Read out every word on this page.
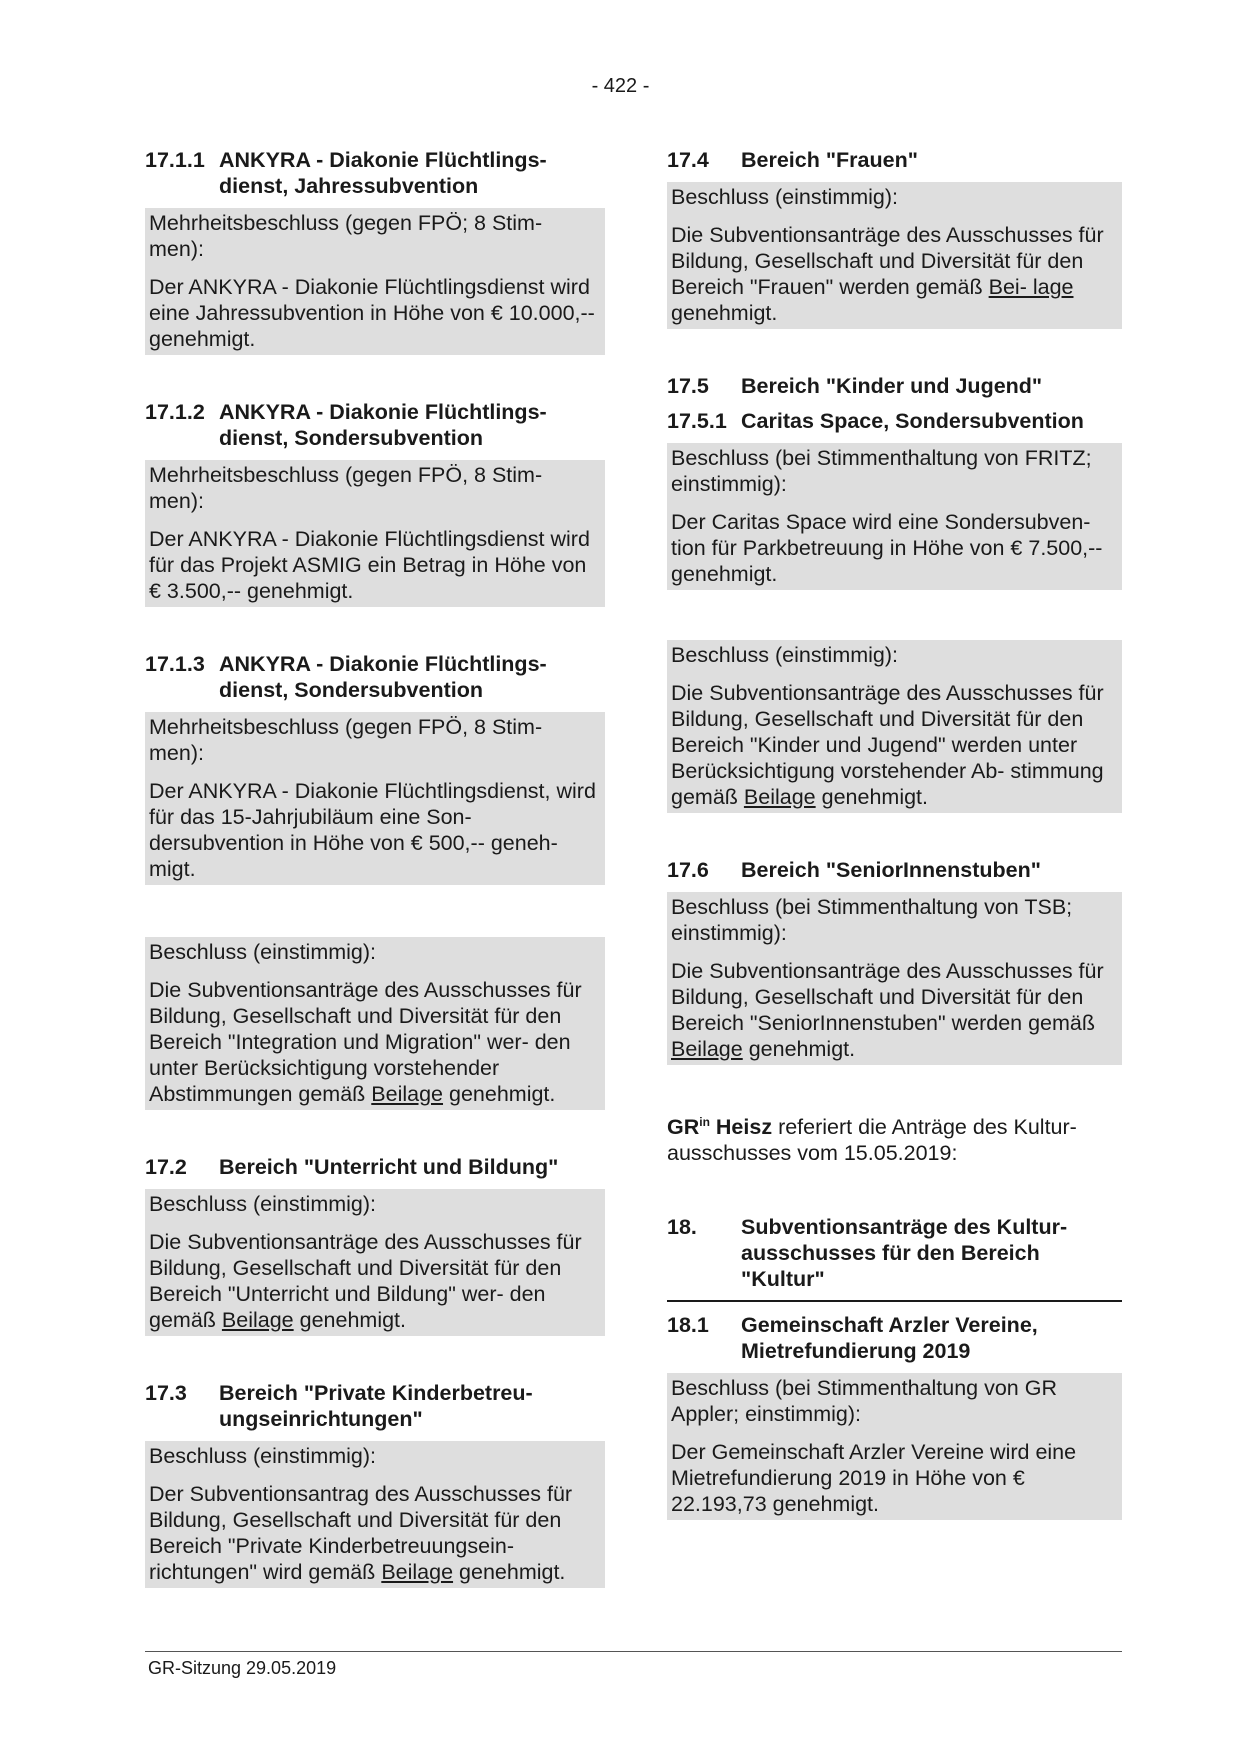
- 422 -
17.1.1 ANKYRA - Diakonie Flüchtlings- dienst, Jahressubvention

Mehrheitsbeschluss (gegen FPÖ; 8 Stim- men):

Der ANKYRA - Diakonie Flüchtlingsdienst wird eine Jahressubvention in Höhe von € 10.000,-- genehmigt.

17.1.2 ANKYRA - Diakonie Flüchtlings- dienst, Sondersubvention

Mehrheitsbeschluss (gegen FPÖ, 8 Stim- men):

Der ANKYRA - Diakonie Flüchtlingsdienst wird für das Projekt ASMIG ein Betrag in Höhe von € 3.500,-- genehmigt.

17.1.3 ANKYRA - Diakonie Flüchtlings- dienst, Sondersubvention

Mehrheitsbeschluss (gegen FPÖ, 8 Stim- men):

Der ANKYRA - Diakonie Flüchtlingsdienst, wird für das 15-Jahrjubiläum eine Son- dersubvention in Höhe von € 500,-- geneh- migt.

Beschluss (einstimmig):

Die Subventionsanträge des Ausschusses für Bildung, Gesellschaft und Diversität für den Bereich "Integration und Migration" wer- den unter Berücksichtigung vorstehender Abstimmungen gemäß Beilage genehmigt.

17.2	Bereich "Unterricht und Bildung"

Beschluss (einstimmig):

Die Subventionsanträge des Ausschusses für Bildung, Gesellschaft und Diversität für den Bereich "Unterricht und Bildung" wer- den gemäß Beilage genehmigt.

17.3	Bereich "Private Kinderbetreu- ungseinrichtungen"

Beschluss (einstimmig):

Der Subventionsantrag des Ausschusses für Bildung, Gesellschaft und Diversität für den Bereich "Private Kinderbetreuungsein- richtungen" wird gemäß Beilage genehmigt.

17.4	Bereich "Frauen"

Beschluss (einstimmig):

Die Subventionsanträge des Ausschusses für Bildung, Gesellschaft und Diversität für den Bereich "Frauen" werden gemäß Bei- lage genehmigt.

17.5	Bereich "Kinder und Jugend"
17.5.1 Caritas Space, Sondersubvention

Beschluss (bei Stimmenthaltung von FRITZ; einstimmig):

Der Caritas Space wird eine Sondersubven- tion für Parkbetreuung in Höhe von € 7.500,-- genehmigt.

Beschluss (einstimmig):

Die Subventionsanträge des Ausschusses für Bildung, Gesellschaft und Diversität für den Bereich "Kinder und Jugend" werden unter Berücksichtigung vorstehender Ab- stimmung gemäß Beilage genehmigt.

17.6	Bereich "SeniorInnenstuben"

Beschluss (bei Stimmenthaltung von TSB; einstimmig):

Die Subventionsanträge des Ausschusses für Bildung, Gesellschaft und Diversität für den Bereich "SeniorInnenstuben" werden gemäß Beilage genehmigt.

$GR^{in}$ Heisz referiert die Anträge des Kultur- ausschusses vom 15.05.2019:

18.	Subventionsanträge des Kultur- ausschusses für den Bereich "Kultur"
18.1	Gemeinschaft Arzler Vereine, Mietrefundierung 2019

Beschluss (bei Stimmenthaltung von GR Appler; einstimmig):

Der Gemeinschaft Arzler Vereine wird eine Mietrefundierung 2019 in Höhe von € 22.193,73 genehmigt.

GR-Sitzung 29.05.2019
